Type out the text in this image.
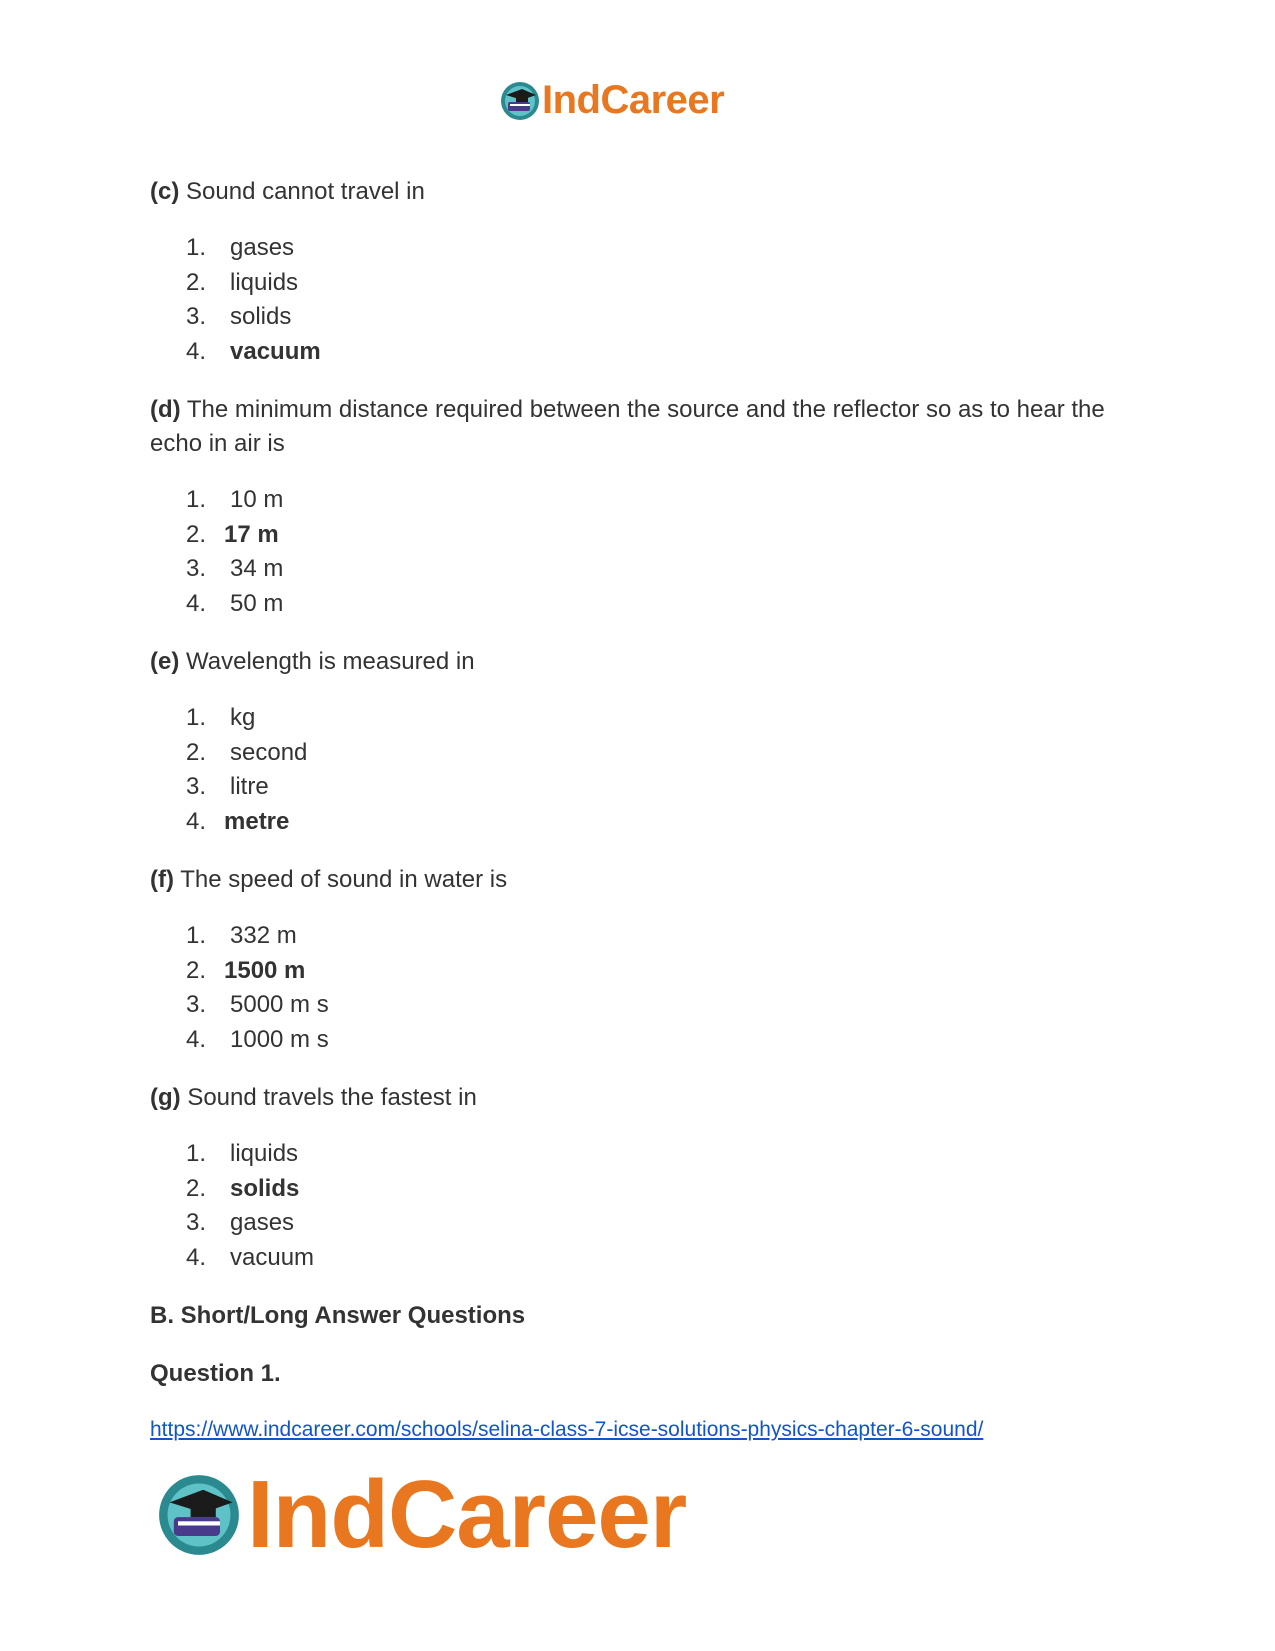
IndCareer

(c) Sound cannot travel in

1. gases
2. liquids
3. solids
4. vacuum

(d) The minimum distance required between the source and the reflector so as to hear the echo in air is

1. 10 m
2. 17 m
3. 34 m
4. 50 m

(e) Wavelength is measured in

1. kg
2. second
3. litre
4. metre

(f) The speed of sound in water is

1. 332 m
2. 1500 m
3. 5000 m s
4. 1000 m s

(g) Sound travels the fastest in

1. liquids
2. solids
3. gases
4. vacuum

B. Short/Long Answer Questions

Question 1.

https://www.indcareer.com/schools/selina-class-7-icse-solutions-physics-chapter-6-sound/
IndCareer
